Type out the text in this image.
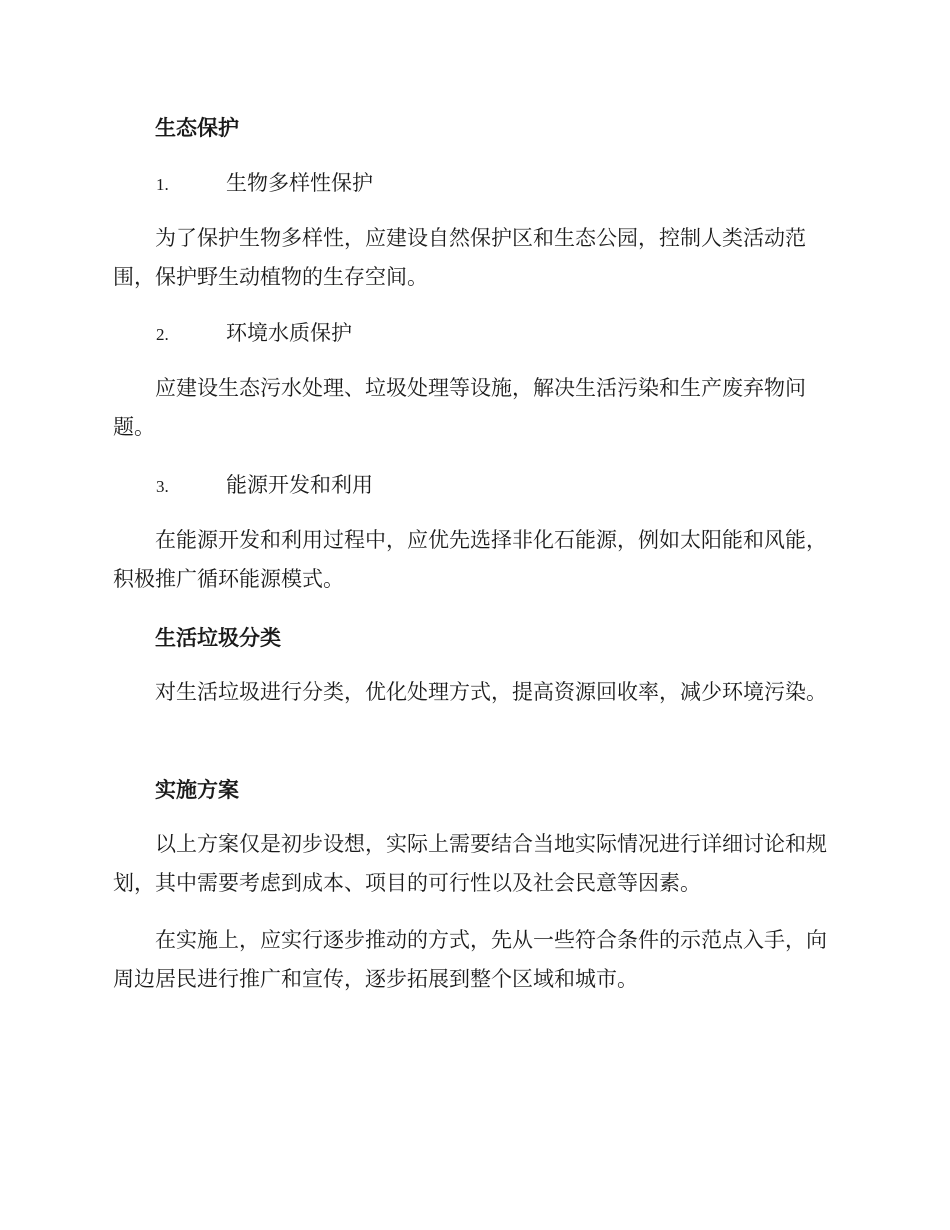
生态保护
1.	生物多样性保护

为了保护生物多样性，应建设自然保护区和生态公园，控制人类活动范围，保护野生动植物的生存空间。

2.	环境水质保护

应建设生态污水处理、垃圾处理等设施，解决生活污染和生产废弃物问题。

3.	能源开发和利用

在能源开发和利用过程中，应优先选择非化石能源，例如太阳能和风能，积极推广循环能源模式。

生活垃圾分类

对生活垃圾进行分类，优化处理方式，提高资源回收率，减少环境污染。

实施方案

以上方案仅是初步设想，实际上需要结合当地实际情况进行详细讨论和规划，其中需要考虑到成本、项目的可行性以及社会民意等因素。

在实施上，应实行逐步推动的方式，先从一些符合条件的示范点入手，向周边居民进行推广和宣传，逐步拓展到整个区域和城市。
